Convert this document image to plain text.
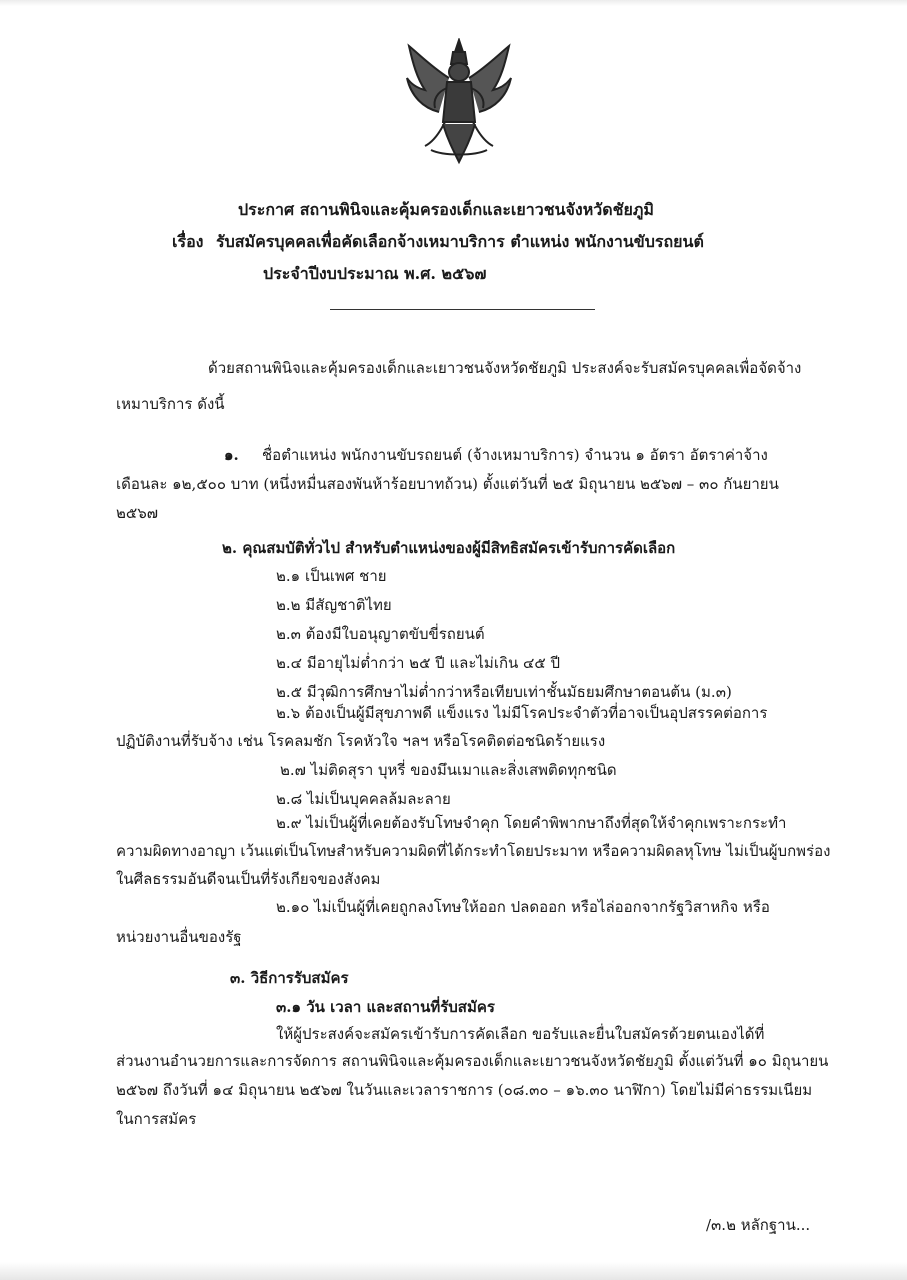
ประกาศ สถานพินิจและคุ้มครองเด็กและเยาวชนจังหวัดชัยภูมิ
เรื่อง รับสมัครบุคคลเพื่อคัดเลือกจ้างเหมาบริการ ตำแหน่ง พนักงานขับรถยนต์
ประจำปีงบประมาณ พ.ศ. ๒๕๖๗
ด้วยสถานพินิจและคุ้มครองเด็กและเยาวชนจังหวัดชัยภูมิ ประสงค์จะรับสมัครบุคคลเพื่อจัดจ้าง
เหมาบริการ ดังนี้
๑. ชื่อตำแหน่ง พนักงานขับรถยนต์ (จ้างเหมาบริการ) จำนวน ๑ อัตรา อัตราค่าจ้าง
เดือนละ ๑๒,๕๐๐ บาท (หนึ่งหมื่นสองพันห้าร้อยบาทถ้วน) ตั้งแต่วันที่ ๒๕ มิถุนายน ๒๕๖๗ – ๓๐ กันยายน
๒๕๖๗
๒. คุณสมบัติทั่วไป สำหรับตำแหน่งของผู้มีสิทธิสมัครเข้ารับการคัดเลือก
๒.๑ เป็นเพศ ชาย
๒.๒ มีสัญชาติไทย
๒.๓ ต้องมีใบอนุญาตขับขี่รถยนต์
๒.๔ มีอายุไม่ต่ำกว่า ๒๕ ปี และไม่เกิน ๔๕ ปี
๒.๕ มีวุฒิการศึกษาไม่ต่ำกว่าหรือเทียบเท่าชั้นมัธยมศึกษาตอนต้น (ม.๓)
๒.๖ ต้องเป็นผู้มีสุขภาพดี แข็งแรง ไม่มีโรคประจำตัวที่อาจเป็นอุปสรรคต่อการ
ปฏิบัติงานที่รับจ้าง เช่น โรคลมชัก โรคหัวใจ ฯลฯ หรือโรคติดต่อชนิดร้ายแรง
๒.๗ ไม่ติดสุรา บุหรี่ ของมึนเมาและสิ่งเสพติดทุกชนิด
๒.๘ ไม่เป็นบุคคลล้มละลาย
๒.๙ ไม่เป็นผู้ที่เคยต้องรับโทษจำคุก โดยคำพิพากษาถึงที่สุดให้จำคุกเพราะกระทำ
ความผิดทางอาญา เว้นแต่เป็นโทษสำหรับความผิดที่ได้กระทำโดยประมาท หรือความผิดลหุโทษ ไม่เป็นผู้บกพร่อง
ในศีลธรรมอันดีจนเป็นที่รังเกียจของสังคม
๒.๑๐ ไม่เป็นผู้ที่เคยถูกลงโทษให้ออก ปลดออก หรือไล่ออกจากรัฐวิสาหกิจ หรือ
หน่วยงานอื่นของรัฐ
๓. วิธีการรับสมัคร
๓.๑ วัน เวลา และสถานที่รับสมัคร
ให้ผู้ประสงค์จะสมัครเข้ารับการคัดเลือก ขอรับและยื่นใบสมัครด้วยตนเองได้ที่
ส่วนงานอำนวยการและการจัดการ สถานพินิจและคุ้มครองเด็กและเยาวชนจังหวัดชัยภูมิ ตั้งแต่วันที่ ๑๐ มิถุนายน
๒๕๖๗ ถึงวันที่ ๑๔ มิถุนายน ๒๕๖๗ ในวันและเวลาราชการ (๐๘.๓๐ – ๑๖.๓๐ นาฬิกา) โดยไม่มีค่าธรรมเนียม
ในการสมัคร
/๓.๒ หลักฐาน...
